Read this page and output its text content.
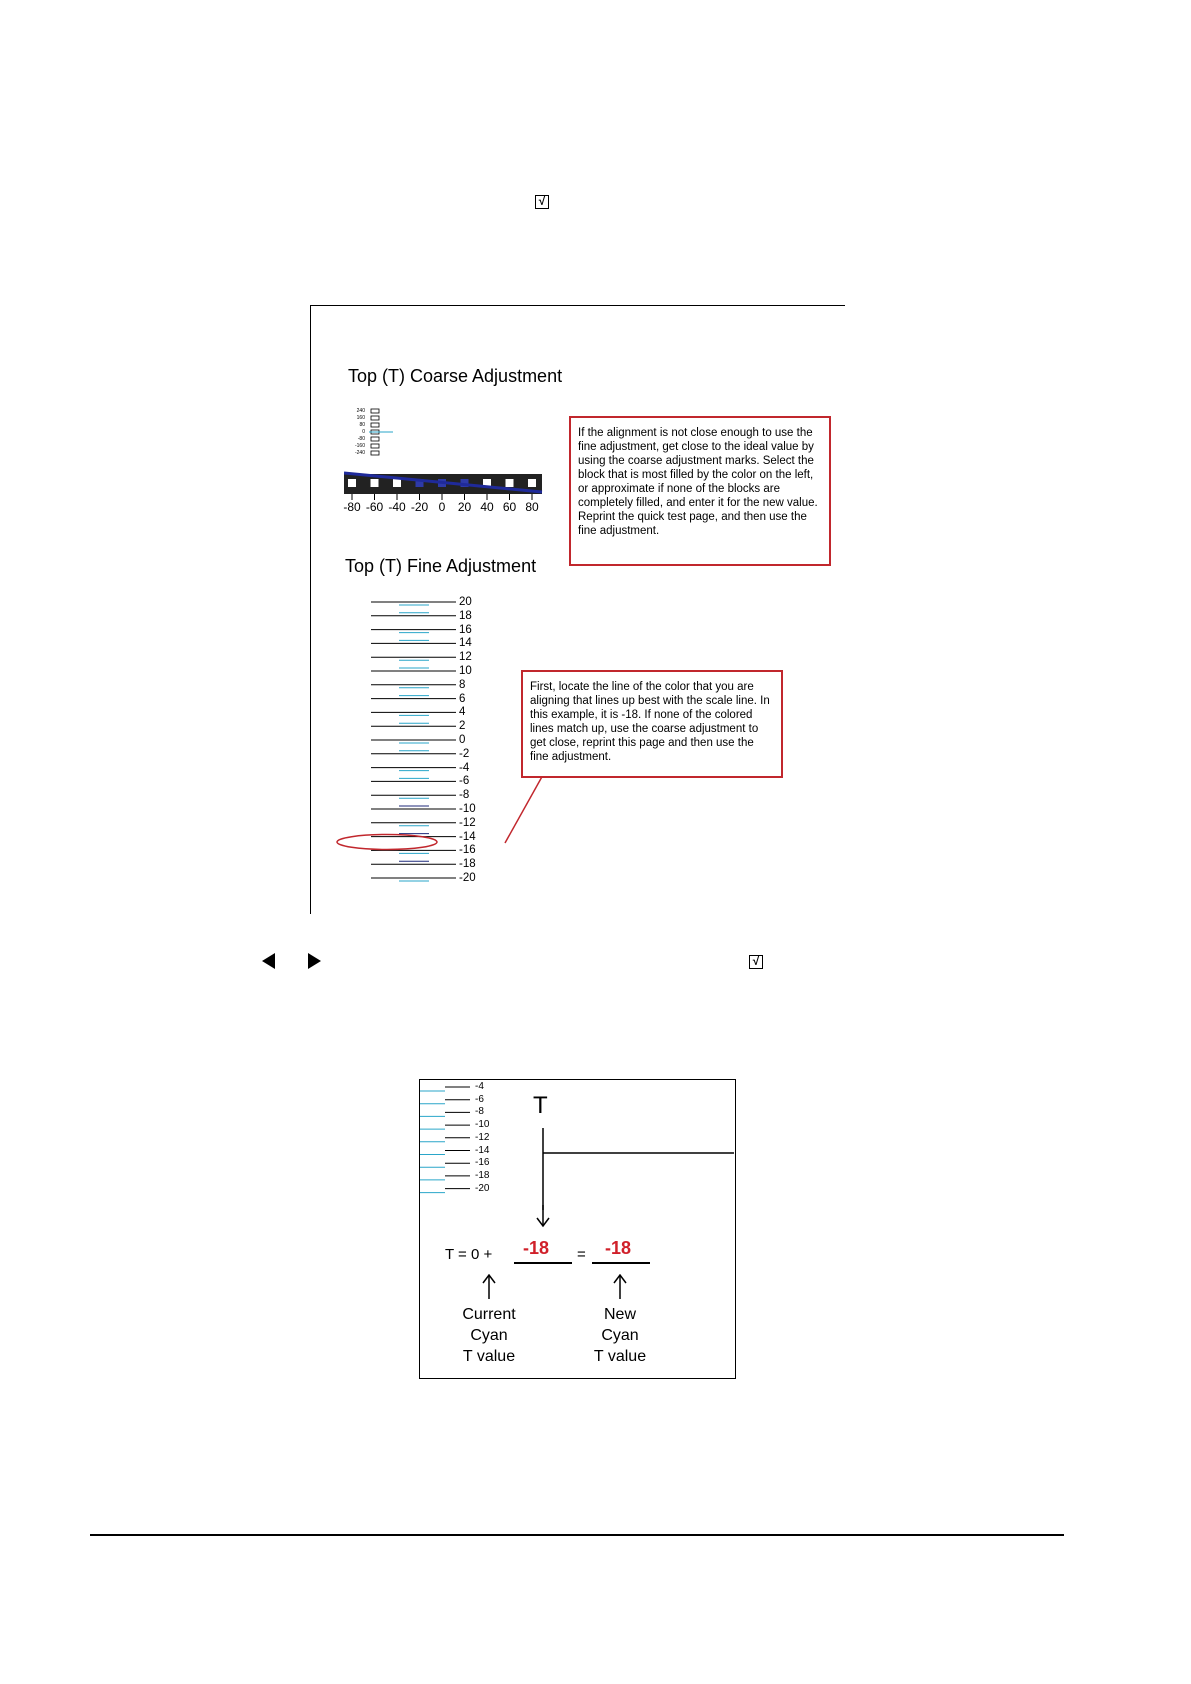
√
Top (T) Coarse Adjustment
240
160
80
0
-80
-160
-240
-80 -60 -40 -20 0	20 40 60 80
If the alignment is not close enough to use the fine adjustment, get close to the ideal value by using the coarse adjustment marks. Select the block that is most filled by the color on the left, or approximate if none of the blocks are completely filled, and enter it for the new value. Reprint the quick test page, and then use the fine adjustment.
Top (T) Fine Adjustment
20
18
16
14
12
10
8
6
4
2
0
-2
-4
-6
-8
-10
-12
-14
-16
-18
-20
First, locate the line of the color that you are aligning that lines up best with the scale line. In this example, it is -18. If none of the colored lines match up, use the coarse adjustment to get close, reprint this page and then use the fine adjustment.
√
-4
-6
-8
-10
-12
-14
-16
-18
-20
T
T = 0 + -18 = -18
Current
Cyan
T value
New
Cyan
T value
